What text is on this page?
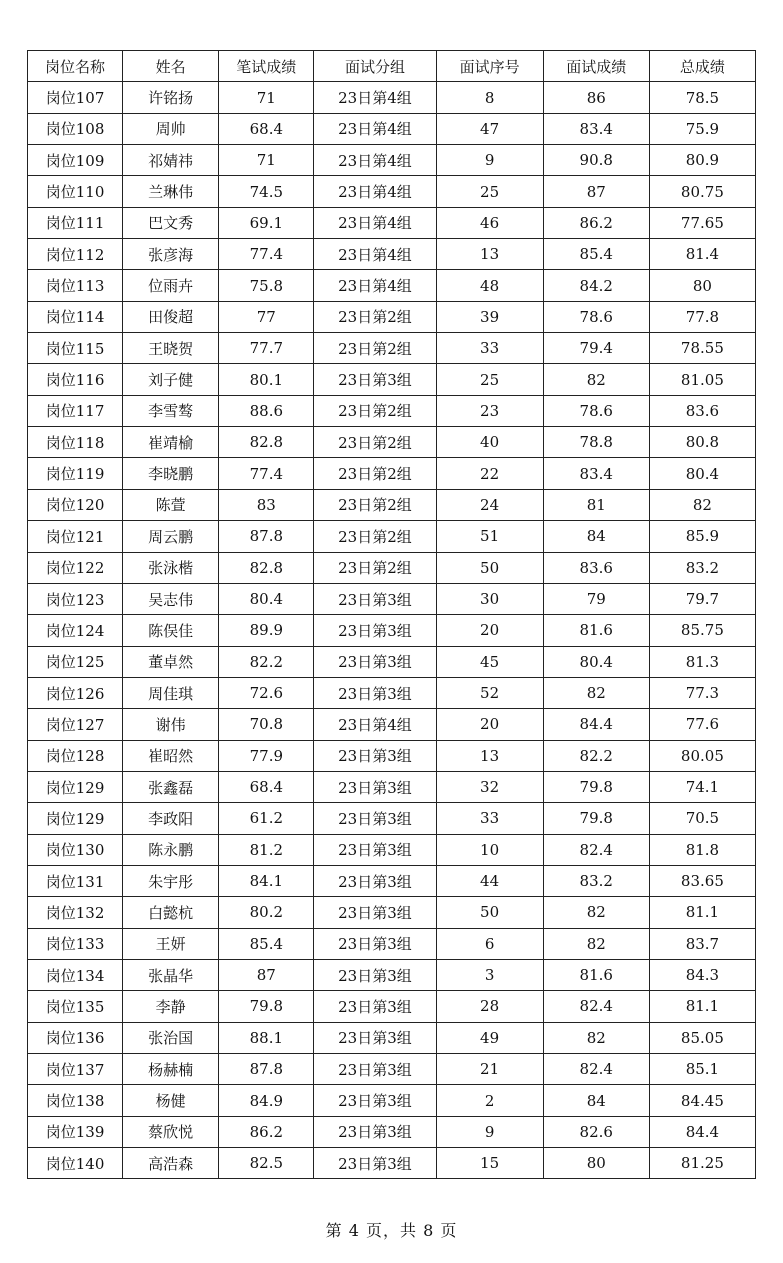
岗位名称	姓名	笔试成绩	面试分组	面试序号	面试成绩	总成绩
岗位107	许铭扬	71	23日第4组	8	86	78.5
岗位108	周帅	68.4	23日第4组	47	83.4	75.9
岗位109	祁婧祎	71	23日第4组	9	90.8	80.9
岗位110	兰琳伟	74.5	23日第4组	25	87	80.75
岗位111	巴文秀	69.1	23日第4组	46	86.2	77.65
岗位112	张彦海	77.4	23日第4组	13	85.4	81.4
岗位113	位雨卉	75.8	23日第4组	48	84.2	80
岗位114	田俊超	77	23日第2组	39	78.6	77.8
岗位115	王晓贺	77.7	23日第2组	33	79.4	78.55
岗位116	刘子健	80.1	23日第3组	25	82	81.05
岗位117	李雪骜	88.6	23日第2组	23	78.6	83.6
岗位118	崔靖榆	82.8	23日第2组	40	78.8	80.8
岗位119	李晓鹏	77.4	23日第2组	22	83.4	80.4
岗位120	陈萱	83	23日第2组	24	81	82
岗位121	周云鹏	87.8	23日第2组	51	84	85.9
岗位122	张泳楷	82.8	23日第2组	50	83.6	83.2
岗位123	吴志伟	80.4	23日第3组	30	79	79.7
岗位124	陈俣佳	89.9	23日第3组	20	81.6	85.75
岗位125	董卓然	82.2	23日第3组	45	80.4	81.3
岗位126	周佳琪	72.6	23日第3组	52	82	77.3
岗位127	谢伟	70.8	23日第4组	20	84.4	77.6
岗位128	崔昭然	77.9	23日第3组	13	82.2	80.05
岗位129	张鑫磊	68.4	23日第3组	32	79.8	74.1
岗位129	李政阳	61.2	23日第3组	33	79.8	70.5
岗位130	陈永鹏	81.2	23日第3组	10	82.4	81.8
岗位131	朱宇彤	84.1	23日第3组	44	83.2	83.65
岗位132	白懿杭	80.2	23日第3组	50	82	81.1
岗位133	王妍	85.4	23日第3组	6	82	83.7
岗位134	张晶华	87	23日第3组	3	81.6	84.3
岗位135	李静	79.8	23日第3组	28	82.4	81.1
岗位136	张治国	88.1	23日第3组	49	82	85.05
岗位137	杨赫楠	87.8	23日第3组	21	82.4	85.1
岗位138	杨健	84.9	23日第3组	2	84	84.45
岗位139	蔡欣悦	86.2	23日第3组	9	82.6	84.4
岗位140	高浩森	82.5	23日第3组	15	80	81.25
第 4 页，共 8 页
